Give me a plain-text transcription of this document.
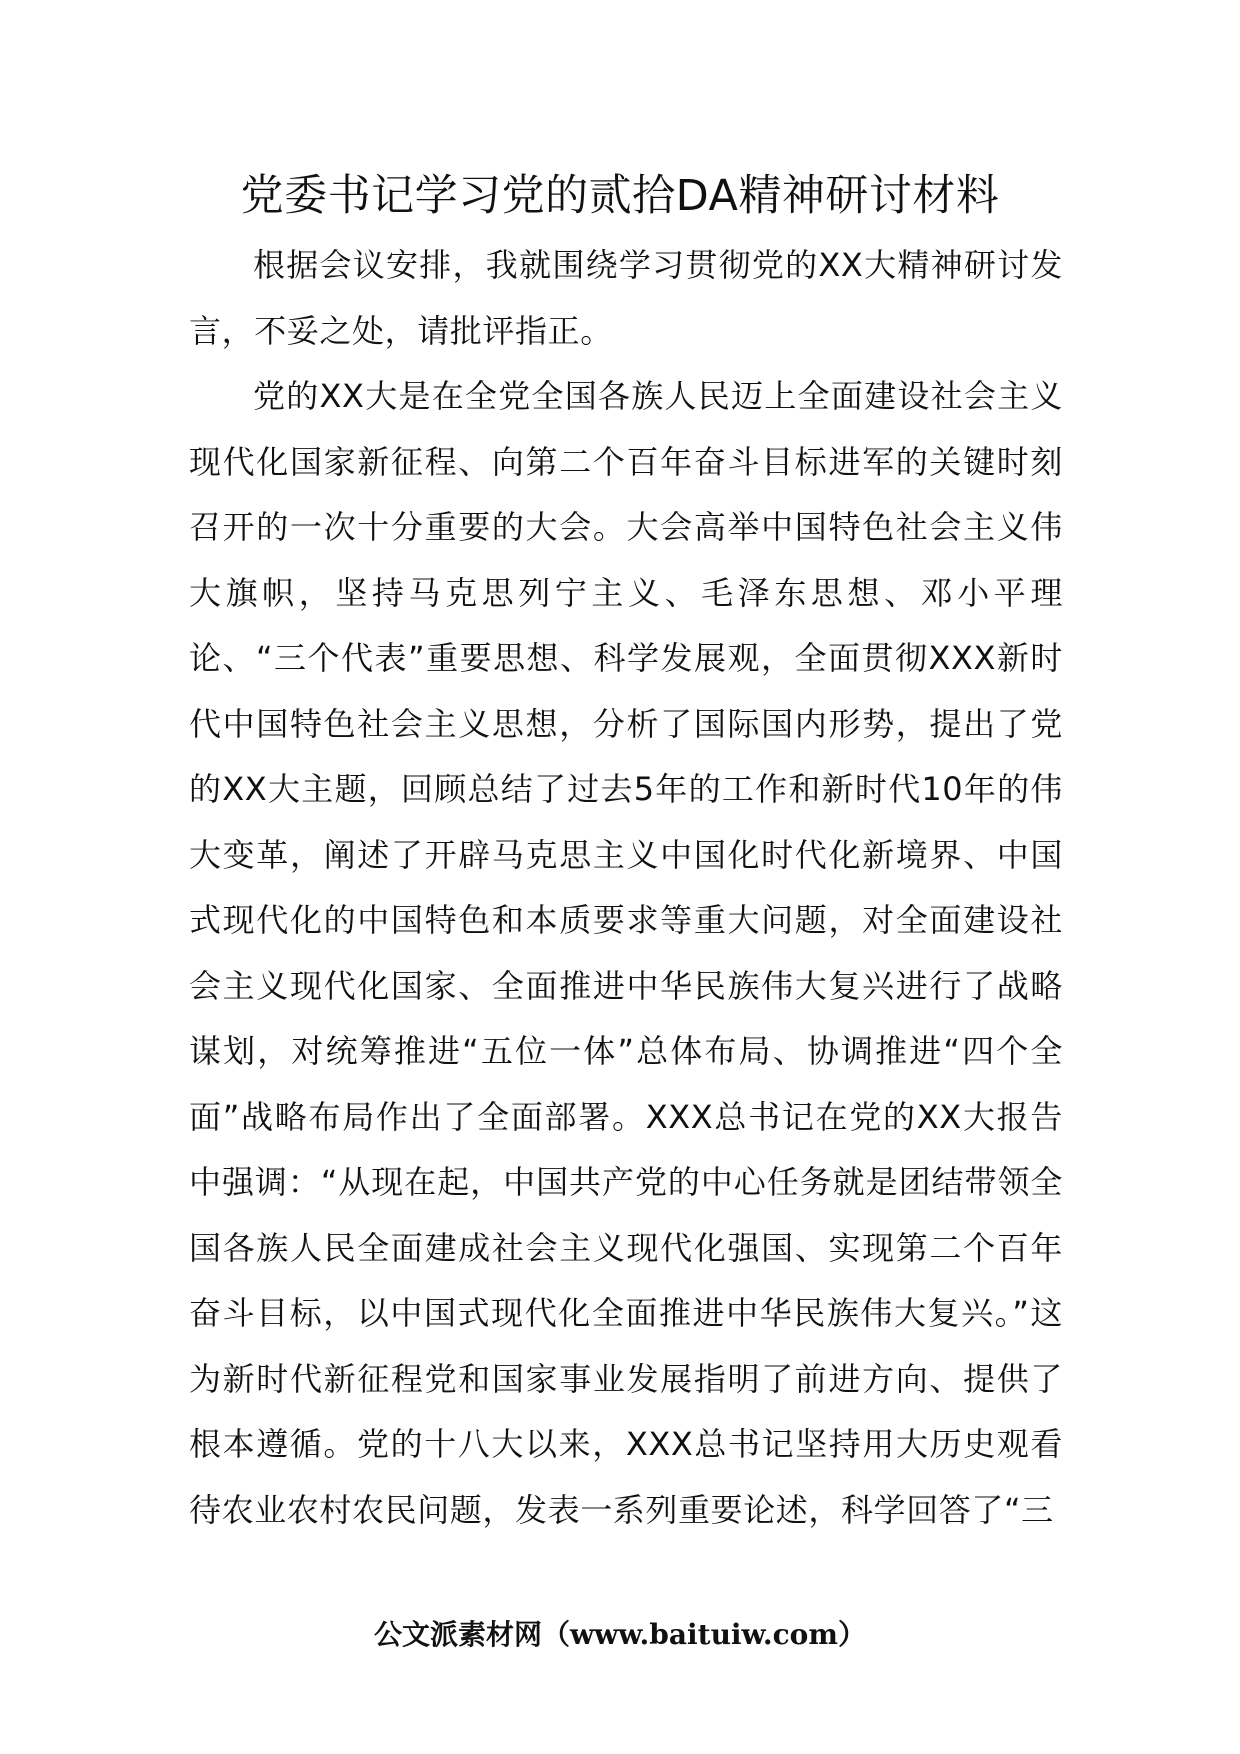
党委书记学习党的贰拾DA精神研讨材料

根据会议安排，我就围绕学习贯彻党的XX大精神研讨发言，不妥之处，请批评指正。

党的XX大是在全党全国各族人民迈上全面建设社会主义现代化国家新征程、向第二个百年奋斗目标进军的关键时刻召开的一次十分重要的大会。大会高举中国特色社会主义伟大旗帜，坚持马克思列宁主义、毛泽东思想、邓小平理论、“三个代表”重要思想、科学发展观，全面贯彻XXX新时代中国特色社会主义思想，分析了国际国内形势，提出了党的XX大主题，回顾总结了过去5年的工作和新时代10年的伟大变革，阐述了开辟马克思主义中国化时代化新境界、中国式现代化的中国特色和本质要求等重大问题，对全面建设社会主义现代化国家、全面推进中华民族伟大复兴进行了战略谋划，对统筹推进“五位一体”总体布局、协调推进“四个全面”战略布局作出了全面部署。XXX总书记在党的XX大报告中强调：“从现在起，中国共产党的中心任务就是团结带领全国各族人民全面建成社会主义现代化强国、实现第二个百年奋斗目标，以中国式现代化全面推进中华民族伟大复兴。”这为新时代新征程党和国家事业发展指明了前进方向、提供了根本遵循。党的十八大以来，XXX总书记坚持用大历史观看待农业农村农民问题，发表一系列重要论述，科学回答了“三

公文派素材网（www.baituiw.com）
